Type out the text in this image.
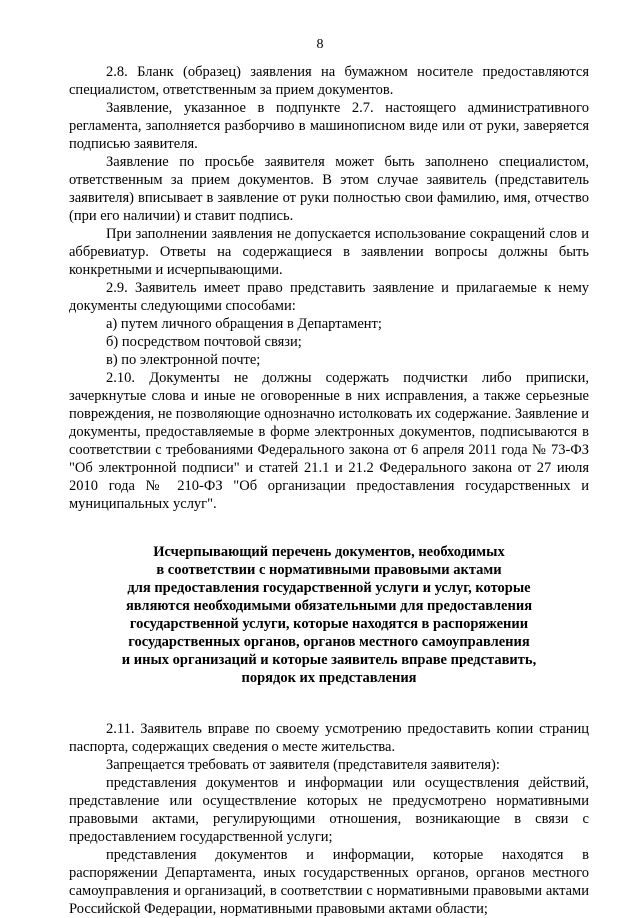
8

2.8. Бланк (образец) заявления на бумажном носителе предоставляются специалистом, ответственным за прием документов.

Заявление, указанное в подпункте 2.7. настоящего административного регламента, заполняется разборчиво в машинописном виде или от руки, заверяется подписью заявителя.

Заявление по просьбе заявителя может быть заполнено специалистом, ответственным за прием документов. В этом случае заявитель (представитель заявителя) вписывает в заявление от руки полностью свои фамилию, имя, отчество (при его наличии) и ставит подпись.

При заполнении заявления не допускается использование сокращений слов и аббревиатур. Ответы на содержащиеся в заявлении вопросы должны быть конкретными и исчерпывающими.

2.9. Заявитель имеет право представить заявление и прилагаемые к нему документы следующими способами:

а) путем личного обращения в Департамент;

б) посредством почтовой связи;

в) по электронной почте;

2.10. Документы не должны содержать подчистки либо приписки, зачеркнутые слова и иные не оговоренные в них исправления, а также серьезные повреждения, не позволяющие однозначно истолковать их содержание. Заявление и документы, предоставляемые в форме электронных документов, подписываются в соответствии с требованиями Федерального закона от 6 апреля 2011 года № 73-ФЗ "Об электронной подписи" и статей 21.1 и 21.2 Федерального закона от 27 июля 2010 года № 210-ФЗ "Об организации предоставления государственных и муниципальных услуг".

Исчерпывающий перечень документов, необходимых
в соответствии с нормативными правовыми актами
для предоставления государственной услуги и услуг, которые
являются необходимыми обязательными для предоставления
государственной услуги, которые находятся в распоряжении
государственных органов, органов местного самоуправления
и иных организаций и которые заявитель вправе представить,
порядок их представления

2.11. Заявитель вправе по своему усмотрению предоставить копии страниц паспорта, содержащих сведения о месте жительства.

Запрещается требовать от заявителя (представителя заявителя):

представления документов и информации или осуществления действий, представление или осуществление которых не предусмотрено нормативными правовыми актами, регулирующими отношения, возникающие в связи с предоставлением государственной услуги;

представления документов и информации, которые находятся в распоряжении Департамента, иных государственных органов, органов местного самоуправления и организаций, в соответствии с нормативными правовыми актами Российской Федерации, нормативными правовыми актами области;
